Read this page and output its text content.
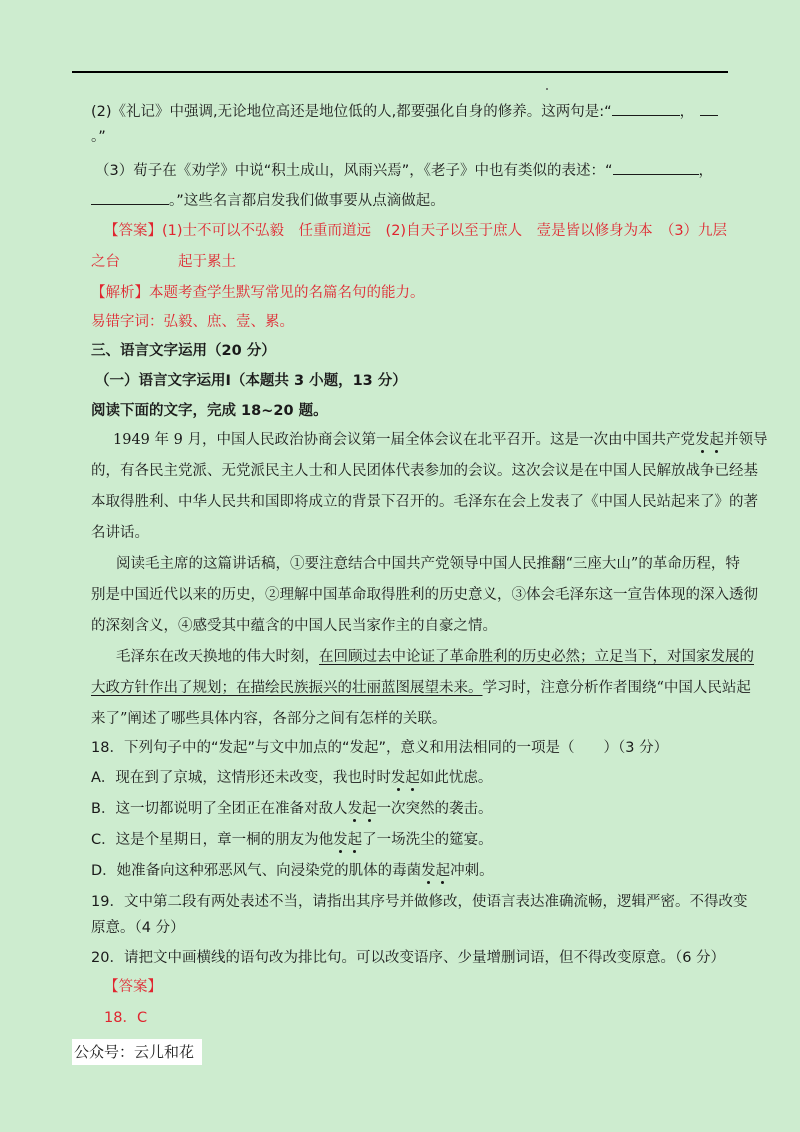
(2)《礼记》中强调,无论地位高还是地位低的人,都要强化自身的修养。这两句是:“	，
。”
（3）荀子在《劝学》中说“积土成山，风雨兴焉”，《老子》中也有类似的表述：“	，
。”这些名言都启发我们做事要从点滴做起。
【答案】(1)士不可以不弘毅　任重而道远　(2)自天子以至于庶人　壹是皆以修身为本　（3）九层
之台　　　　起于累土
【解析】本题考查学生默写常见的名篇名句的能力。
易错字词：弘毅、庶、壹、累。
三、语言文字运用（20 分）
（一）语言文字运用Ⅰ（本题共 3 小题，13 分）
阅读下面的文字，完成 18~20 题。
1949 年 9 月，中国人民政治协商会议第一届全体会议在北平召开。这是一次由中国共产党发起并领导
的，有各民主党派、无党派民主人士和人民团体代表参加的会议。这次会议是在中国人民解放战争已经基
本取得胜利、中华人民共和国即将成立的背景下召开的。毛泽东在会上发表了《中国人民站起来了》的著
名讲话。
阅读毛主席的这篇讲话稿，①要注意结合中国共产党领导中国人民推翻“三座大山”的革命历程，特
别是中国近代以来的历史，②理解中国革命取得胜利的历史意义，③体会毛泽东这一宣告体现的深入透彻
的深刻含义，④感受其中蕴含的中国人民当家作主的自豪之情。
毛泽东在改天换地的伟大时刻，在回顾过去中论证了革命胜利的历史必然；立足当下，对国家发展的
大政方针作出了规划；在描绘民族振兴的壮丽蓝图展望未来。学习时，注意分析作者围绕“中国人民站起
来了”阐述了哪些具体内容，各部分之间有怎样的关联。
18．下列句子中的“发起”与文中加点的“发起”，意义和用法相同的一项是（　　）（3 分）
A．现在到了京城，这情形还未改变，我也时时发起如此忧虑。
B．这一切都说明了全团正在准备对敌人发起一次突然的袭击。
C．这是个星期日，章一桐的朋友为他发起了一场洗尘的筵宴。
D．她准备向这种邪恶风气、向浸染党的肌体的毒菌发起冲刺。
19．文中第二段有两处表述不当，请指出其序号并做修改，使语言表达准确流畅，逻辑严密。不得改变
原意。（4 分）
20．请把文中画横线的语句改为排比句。可以改变语序、少量增删词语，但不得改变原意。（6 分）
【答案】
18．C
公众号：云儿和花
